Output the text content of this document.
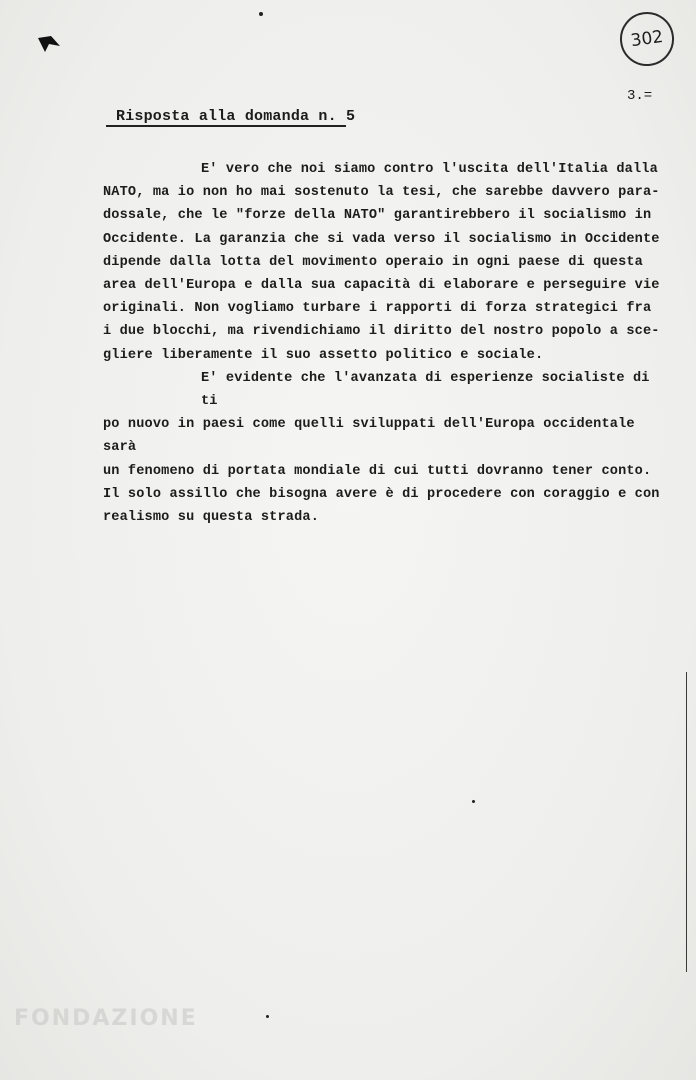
302
3.=
Risposta alla domanda n. 5

E' vero che noi siamo contro l'uscita dell'Italia dalla

NATO, ma io non ho mai sostenuto la tesi, che sarebbe davvero para-

dossale, che le "forze della NATO" garantirebbero il socialismo in

Occidente. La garanzia che si vada verso il socialismo in Occidente

dipende dalla lotta del movimento operaio in ogni paese di questa

area dell'Europa e dalla sua capacità di elaborare e perseguire vie

originali. Non vogliamo turbare i rapporti di forza strategici fra

i due blocchi, ma rivendichiamo il diritto del nostro popolo a sce-

gliere liberamente il suo assetto politico e sociale.

E' evidente che l'avanzata di esperienze socialiste di ti

po nuovo in paesi come quelli sviluppati dell'Europa occidentale sarà

un fenomeno di portata mondiale di cui tutti dovranno tener conto.

Il solo assillo che bisogna avere è di procedere con coraggio e con

realismo su questa strada.

FONDAZIONE
